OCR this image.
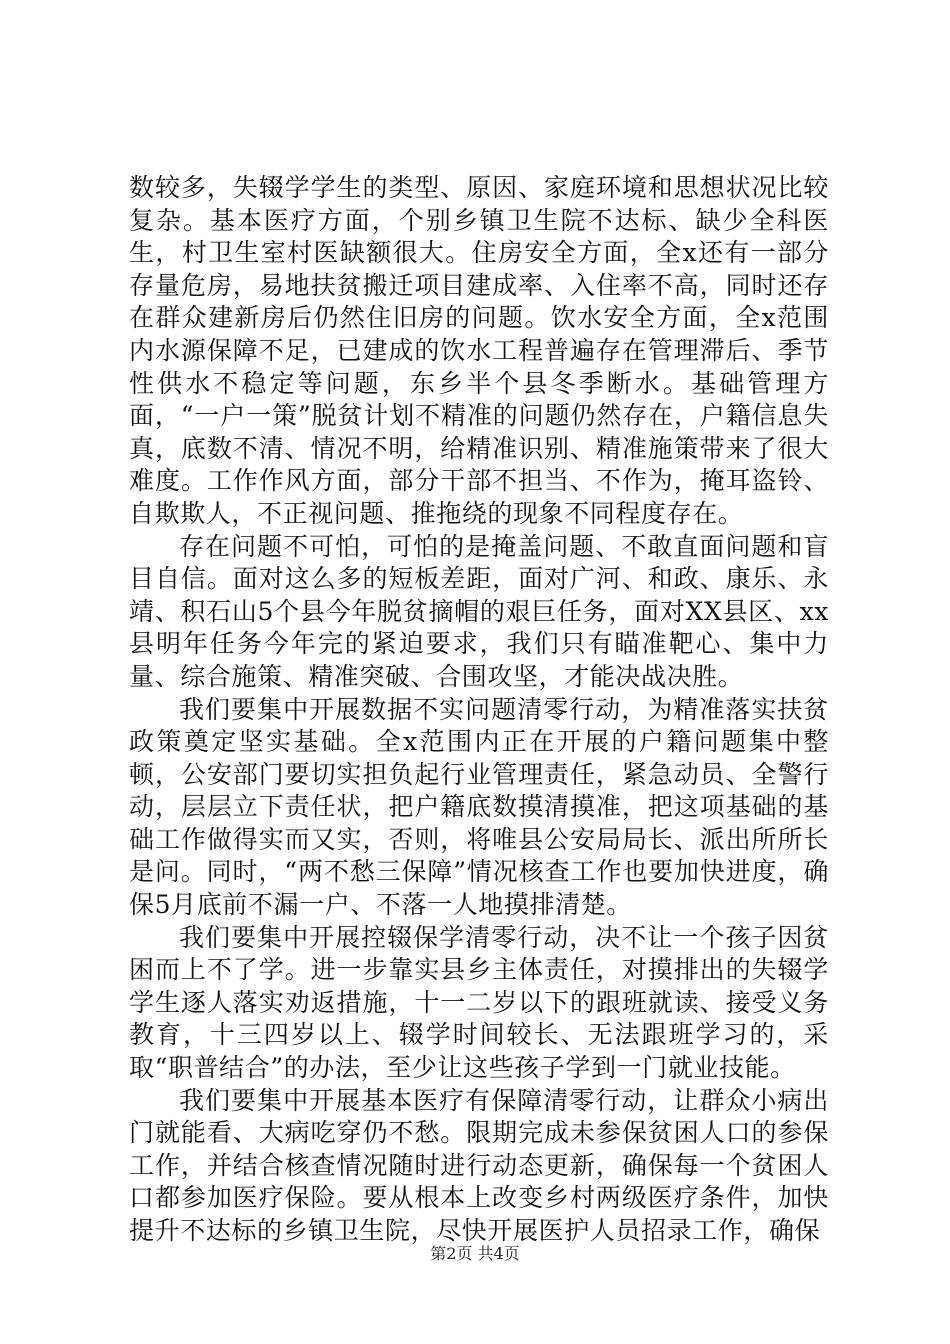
数较多，失辍学学生的类型、原因、家庭环境和思想状况比较复杂。基本医疗方面，个别乡镇卫生院不达标、缺少全科医生，村卫生室村医缺额很大。住房安全方面，全x还有一部分存量危房，易地扶贫搬迁项目建成率、入住率不高，同时还存在群众建新房后仍然住旧房的问题。饮水安全方面，全x范围内水源保障不足，已建成的饮水工程普遍存在管理滞后、季节性供水不稳定等问题，东乡半个县冬季断水。基础管理方面，“一户一策”脱贫计划不精准的问题仍然存在，户籍信息失真，底数不清、情况不明，给精准识别、精准施策带来了很大难度。工作作风方面，部分干部不担当、不作为，掩耳盗铃、自欺欺人，不正视问题、推拖绕的现象不同程度存在。

存在问题不可怕，可怕的是掩盖问题、不敢直面问题和盲目自信。面对这么多的短板差距，面对广河、和政、康乐、永靖、积石山5个县今年脱贫摘帽的艰巨任务，面对XX县区、xx县明年任务今年完的紧迫要求，我们只有瞄准靶心、集中力量、综合施策、精准突破、合围攻坚，才能决战决胜。

我们要集中开展数据不实问题清零行动，为精准落实扶贫政策奠定坚实基础。全x范围内正在开展的户籍问题集中整顿，公安部门要切实担负起行业管理责任，紧急动员、全警行动，层层立下责任状，把户籍底数摸清摸准，把这项基础的基础工作做得实而又实，否则，将唯县公安局局长、派出所所长是问。同时，“两不愁三保障”情况核查工作也要加快进度，确保5月底前不漏一户、不落一人地摸排清楚。

我们要集中开展控辍保学清零行动，决不让一个孩子因贫困而上不了学。进一步靠实县乡主体责任，对摸排出的失辍学学生逐人落实劝返措施，十一二岁以下的跟班就读、接受义务教育，十三四岁以上、辍学时间较长、无法跟班学习的，采取“职普结合”的办法，至少让这些孩子学到一门就业技能。

我们要集中开展基本医疗有保障清零行动，让群众小病出门就能看、大病吃穿仍不愁。限期完成未参保贫困人口的参保工作，并结合核查情况随时进行动态更新，确保每一个贫困人口都参加医疗保险。要从根本上改变乡村两级医疗条件，加快提升不达标的乡镇卫生院，尽快开展医护人员招录工作，确保

第2页 共4页
